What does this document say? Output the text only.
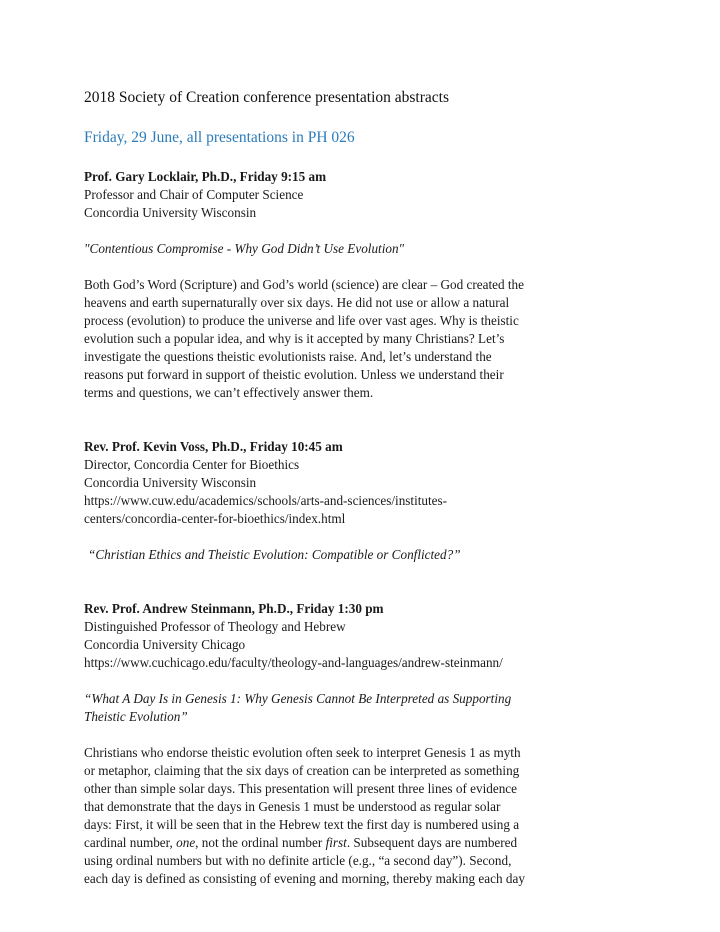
2018 Society of Creation conference presentation abstracts

Friday, 29 June, all presentations in PH 026

Prof. Gary Locklair, Ph.D., Friday 9:15 am
Professor and Chair of Computer Science
Concordia University Wisconsin
"Contentious Compromise - Why God Didn’t Use Evolution"
Both God’s Word (Scripture) and God’s world (science) are clear – God created the
heavens and earth supernaturally over six days. He did not use or allow a natural
process (evolution) to produce the universe and life over vast ages. Why is theistic
evolution such a popular idea, and why is it accepted by many Christians? Let’s
investigate the questions theistic evolutionists raise. And, let’s understand the
reasons put forward in support of theistic evolution. Unless we understand their
terms and questions, we can’t effectively answer them.
Rev. Prof. Kevin Voss, Ph.D., Friday 10:45 am
Director, Concordia Center for Bioethics
Concordia University Wisconsin
https://www.cuw.edu/academics/schools/arts-and-sciences/institutes-
centers/concordia-center-for-bioethics/index.html
“Christian Ethics and Theistic Evolution: Compatible or Conflicted?”
Rev. Prof. Andrew Steinmann, Ph.D., Friday 1:30 pm
Distinguished Professor of Theology and Hebrew
Concordia University Chicago
https://www.cuchicago.edu/faculty/theology-and-languages/andrew-steinmann/
“What A Day Is in Genesis 1: Why Genesis Cannot Be Interpreted as Supporting
Theistic Evolution”
Christians who endorse theistic evolution often seek to interpret Genesis 1 as myth
or metaphor, claiming that the six days of creation can be interpreted as something
other than simple solar days. This presentation will present three lines of evidence
that demonstrate that the days in Genesis 1 must be understood as regular solar
days: First, it will be seen that in the Hebrew text the first day is numbered using a
cardinal number, one, not the ordinal number first. Subsequent days are numbered
using ordinal numbers but with no definite article (e.g., “a second day”). Second,
each day is defined as consisting of evening and morning, thereby making each day
